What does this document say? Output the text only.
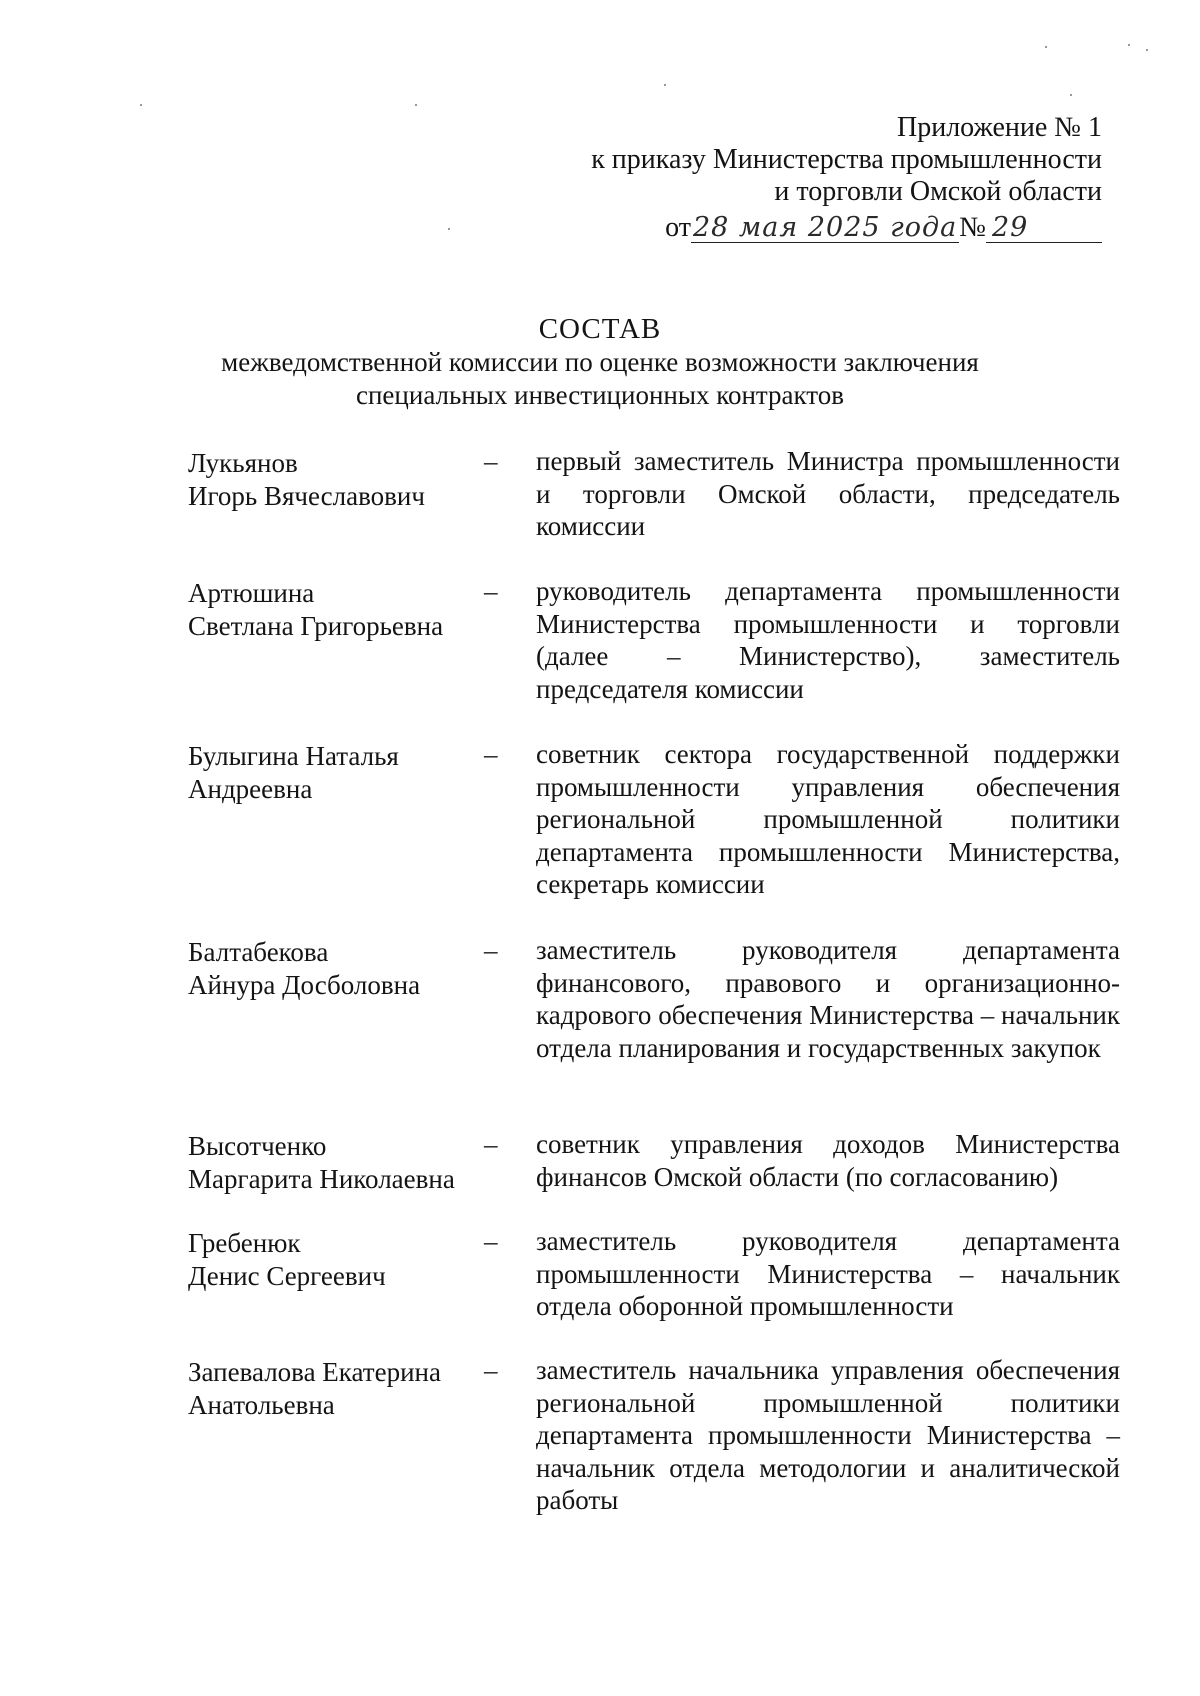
Приложение № 1
к приказу Министерства промышленности
и торговли Омской области
от28 мая 2025 года№ 29
СОСТАВ
межведомственной комиссии по оценке возможности заключения
специальных инвестиционных контрактов
Лукьянов
Игорь Вячеславович
–	первый заместитель Министра промышленности и торговли Омской области, председатель комиссии

Артюшина
Светлана Григорьевна
–	руководитель департамента промышленности Министерства промышленности и торговли (далее – Министерство), заместитель председателя комиссии

Булыгина Наталья
Андреевна
–	советник сектора государственной поддержки промышленности управления обеспечения региональной промышленной политики департамента промышленности Министерства, секретарь комиссии

Балтабекова
Айнура Досболовна
–	заместитель руководителя департамента финансового, правового и организационно-кадрового обеспечения Министерства – начальник отдела планирования и государственных закупок

Высотченко
Маргарита Николаевна
–	советник управления доходов Министерства финансов Омской области (по согласованию)

Гребенюк
Денис Сергеевич
–	заместитель руководителя департамента промышленности Министерства – начальник отдела оборонной промышленности

Запевалова Екатерина
Анатольевна
–	заместитель начальника управления обеспечения региональной промышленной политики департамента промышленности Министерства – начальник отдела методологии и аналитической работы
